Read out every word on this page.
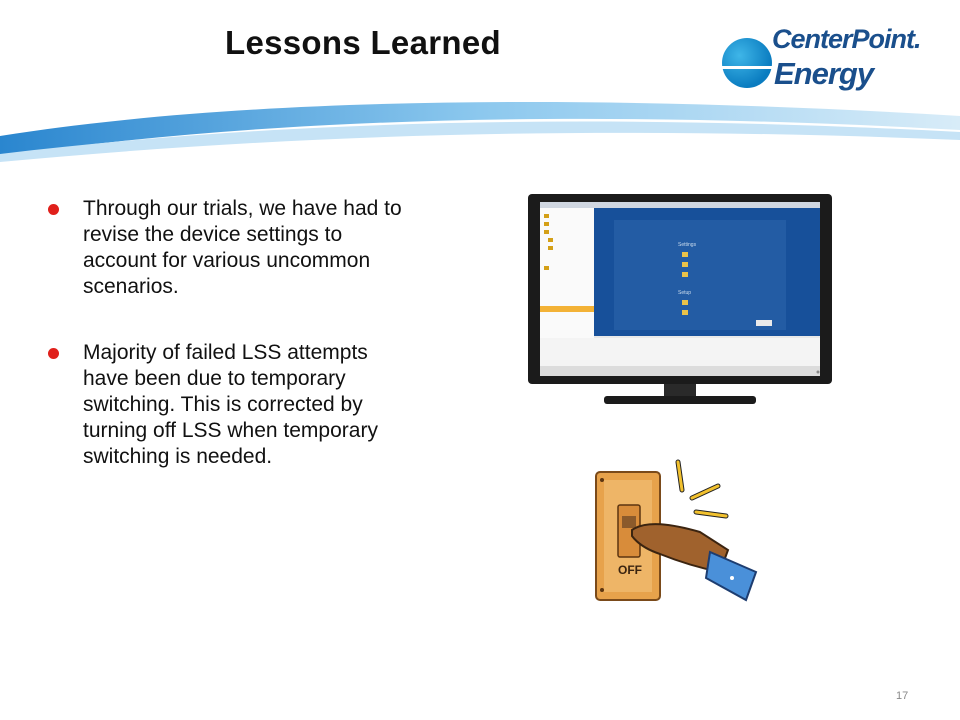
Lessons Learned	CenterPoint.
Energy
Through our trials, we have had to revise the device settings to account for various uncommon scenarios.
Majority of failed LSS attempts have been due to temporary switching. This is corrected by turning off LSS when temporary switching is needed.
Settings
Setup
OFF
17
